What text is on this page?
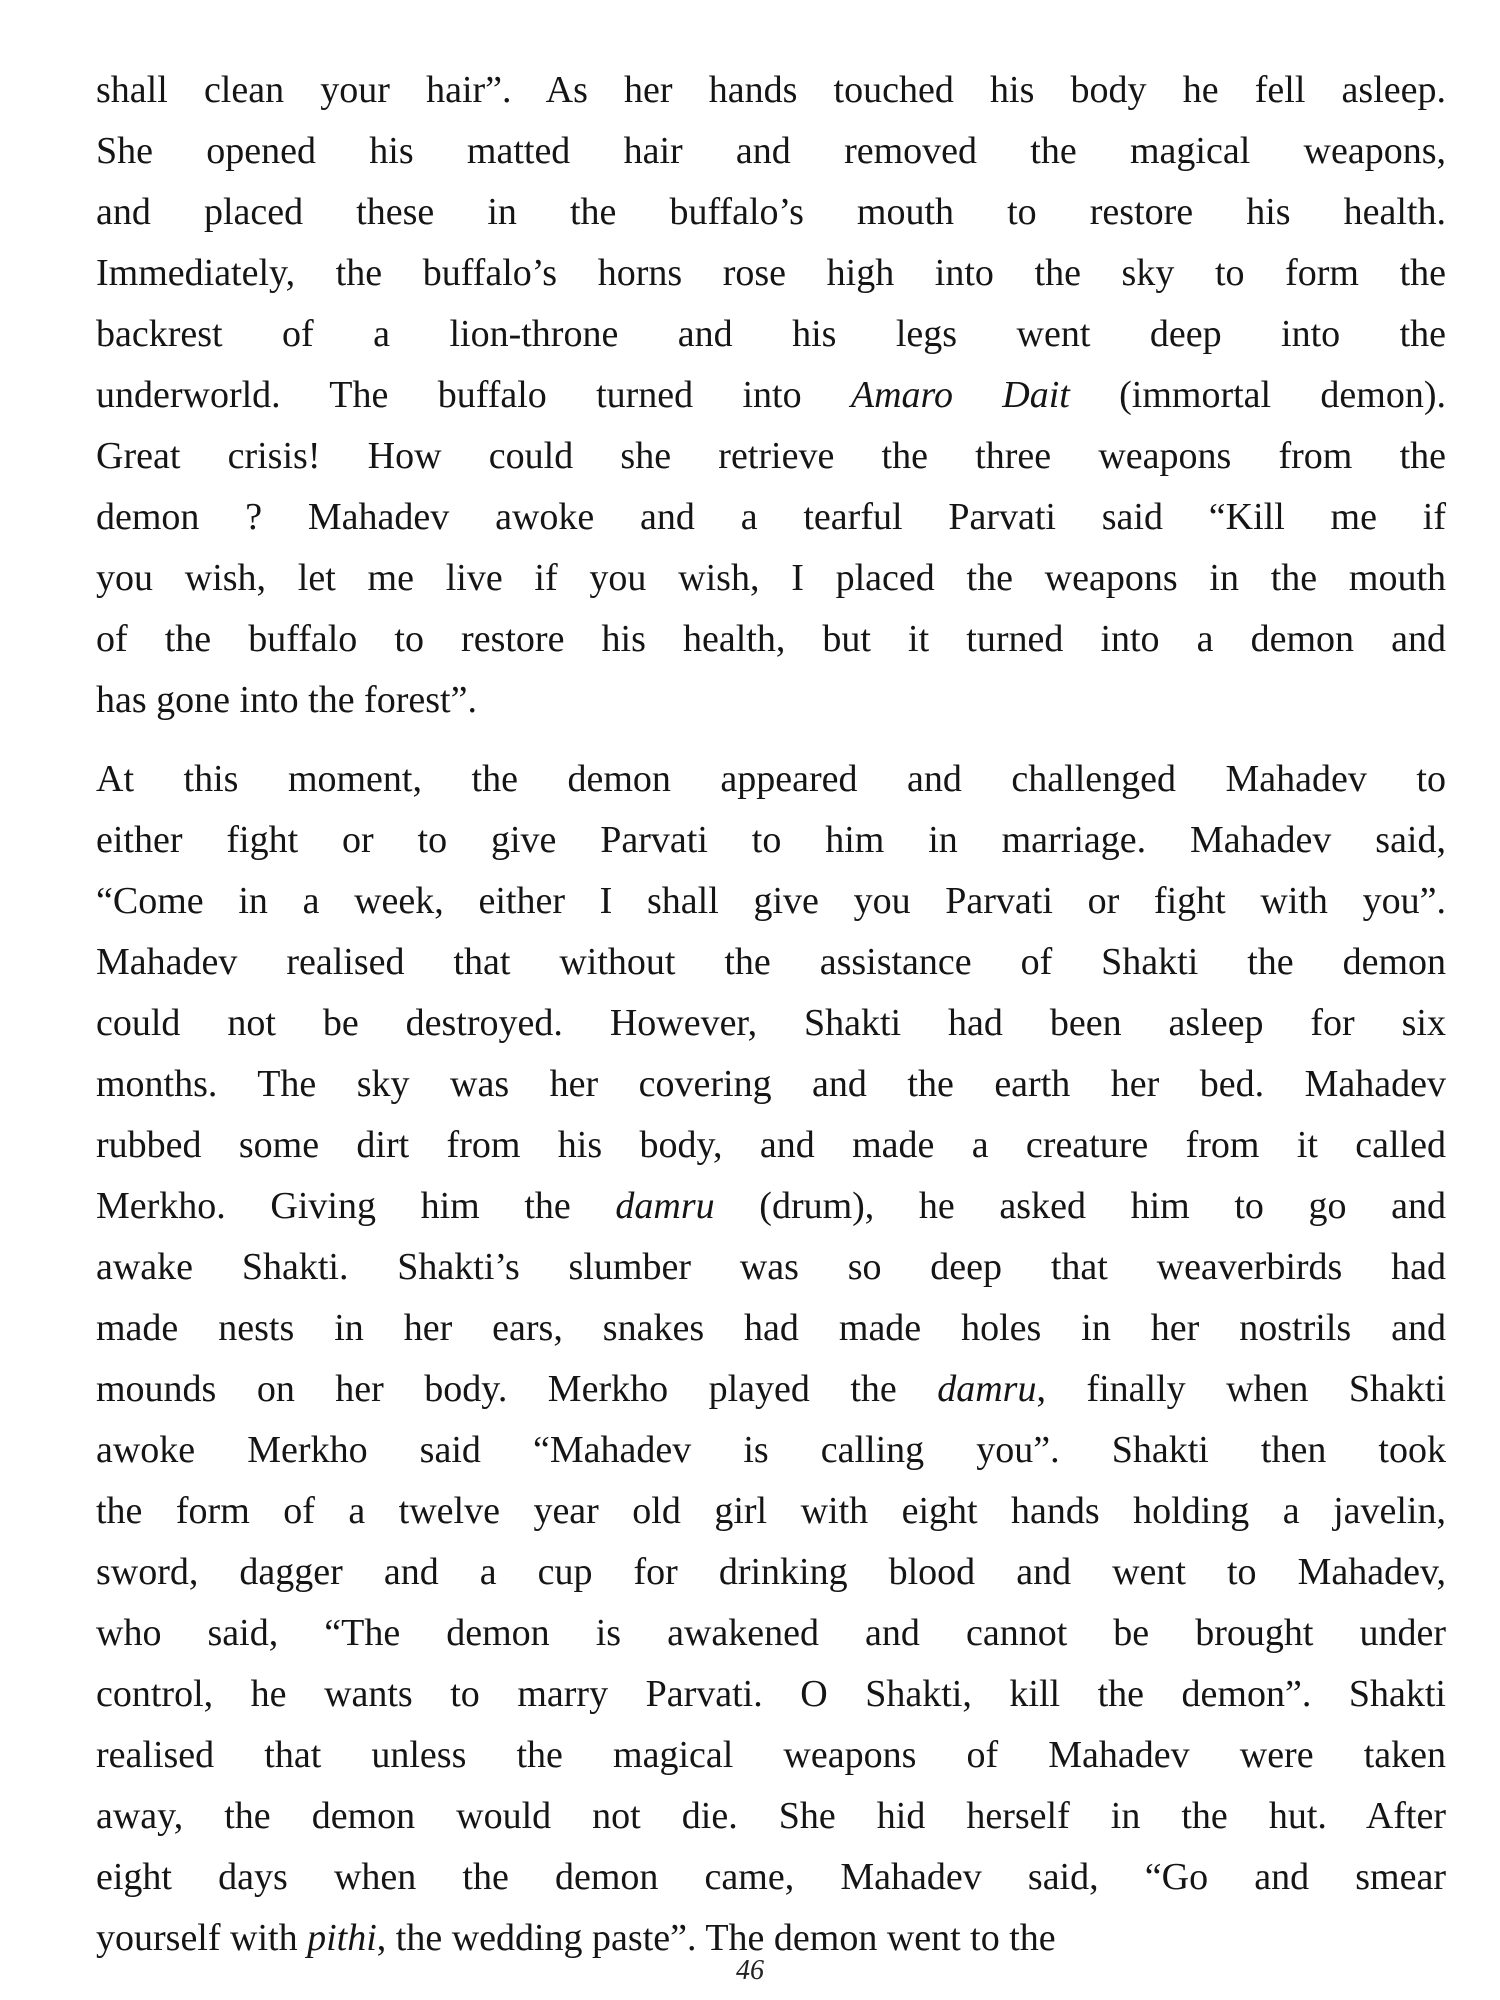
shall clean your hair”. As her hands touched his body he fell asleep.
She opened his matted hair and removed the magical weapons,
and placed these in the buffalo’s mouth to restore his health.
Immediately, the buffalo’s horns rose high into the sky to form the
backrest of a lion-throne and his legs went deep into the
underworld. The buffalo turned into Amaro Dait (immortal demon).
Great crisis! How could she retrieve the three weapons from the
demon ? Mahadev awoke and a tearful Parvati said “Kill me if
you wish, let me live if you wish, I placed the weapons in the mouth
of the buffalo to restore his health, but it turned into a demon and
has gone into the forest”.
At this moment, the demon appeared and challenged Mahadev to
either fight or to give Parvati to him in marriage. Mahadev said,
“Come in a week, either I shall give you Parvati or fight with you”.
Mahadev realised that without the assistance of Shakti the demon
could not be destroyed. However, Shakti had been asleep for six
months. The sky was her covering and the earth her bed. Mahadev
rubbed some dirt from his body, and made a creature from it called
Merkho. Giving him the damru (drum), he asked him to go and
awake Shakti. Shakti’s slumber was so deep that weaverbirds had
made nests in her ears, snakes had made holes in her nostrils and
mounds on her body. Merkho played the damru, finally when Shakti
awoke Merkho said “Mahadev is calling you”. Shakti then took
the form of a twelve year old girl with eight hands holding a javelin,
sword, dagger and a cup for drinking blood and went to Mahadev,
who said, “The demon is awakened and cannot be brought under
control, he wants to marry Parvati. O Shakti, kill the demon”. Shakti
realised that unless the magical weapons of Mahadev were taken
away, the demon would not die. She hid herself in the hut. After
eight days when the demon came, Mahadev said, “Go and smear
yourself with pithi, the wedding paste”. The demon went to the
46
